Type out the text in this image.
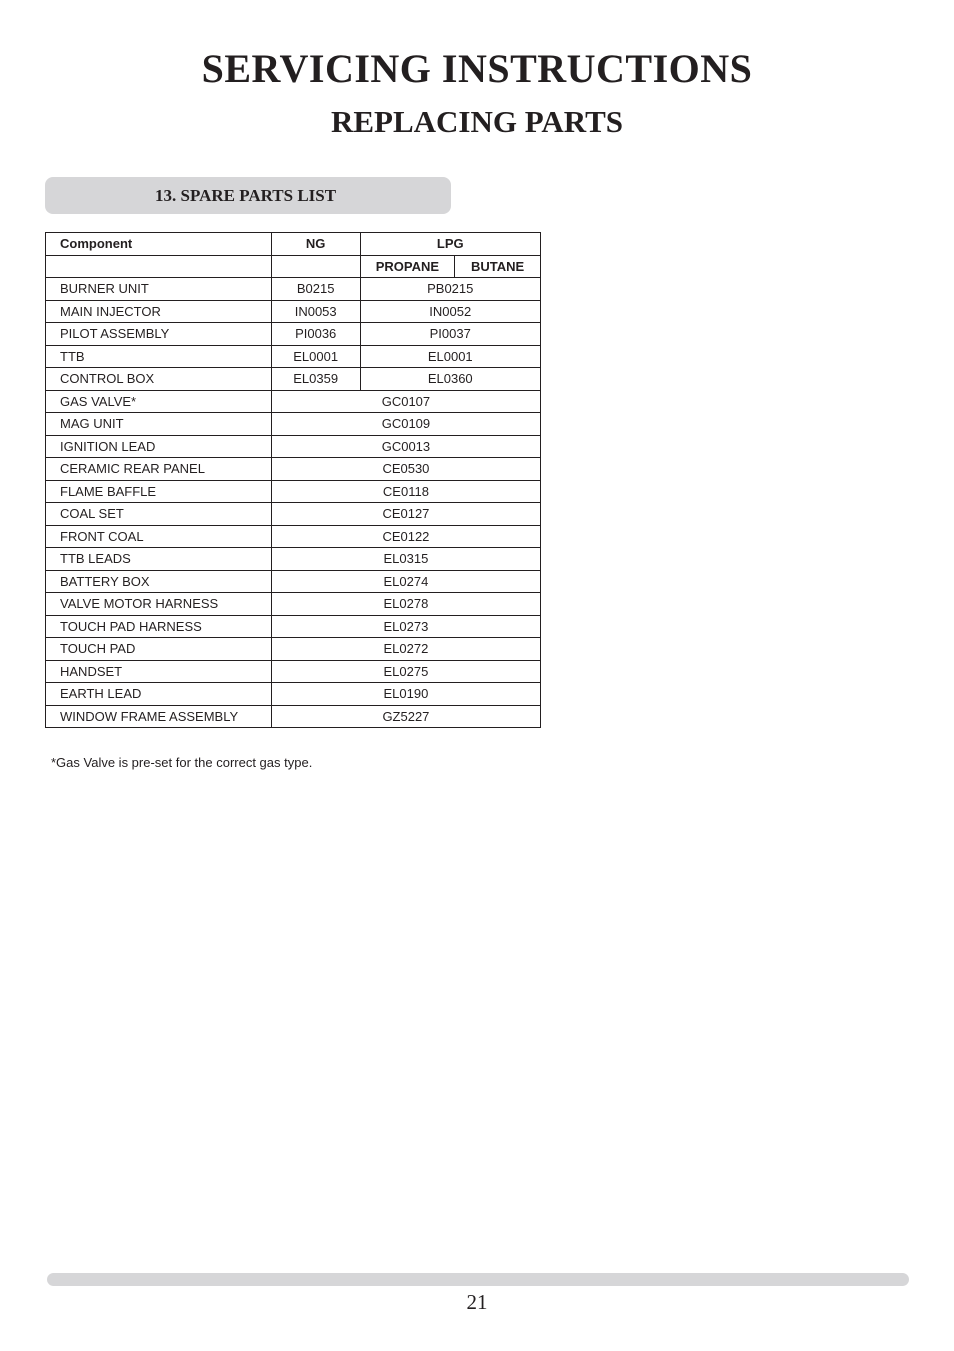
SERVICING INSTRUCTIONS
REPLACING PARTS
13. SPARE PARTS LIST
Component	NG	LPG	
		PROPANE	BUTANE
BURNER UNIT	B0215	PB0215	
MAIN INJECTOR	IN0053	IN0052	
PILOT ASSEMBLY	PI0036	PI0037	
TTB	EL0001	EL0001	
CONTROL BOX	EL0359	EL0360	
GAS VALVE*	GC0107		
MAG UNIT	GC0109		
IGNITION LEAD	GC0013		
CERAMIC REAR PANEL	CE0530		
FLAME BAFFLE	CE0118		
COAL SET	CE0127		
FRONT COAL	CE0122		
TTB LEADS	EL0315		
BATTERY BOX	EL0274		
VALVE MOTOR HARNESS	EL0278		
TOUCH PAD HARNESS	EL0273		
TOUCH PAD	EL0272		
HANDSET	EL0275		
EARTH LEAD	EL0190		
WINDOW FRAME ASSEMBLY	GZ5227		
*Gas Valve is pre-set for the correct gas type.
21
